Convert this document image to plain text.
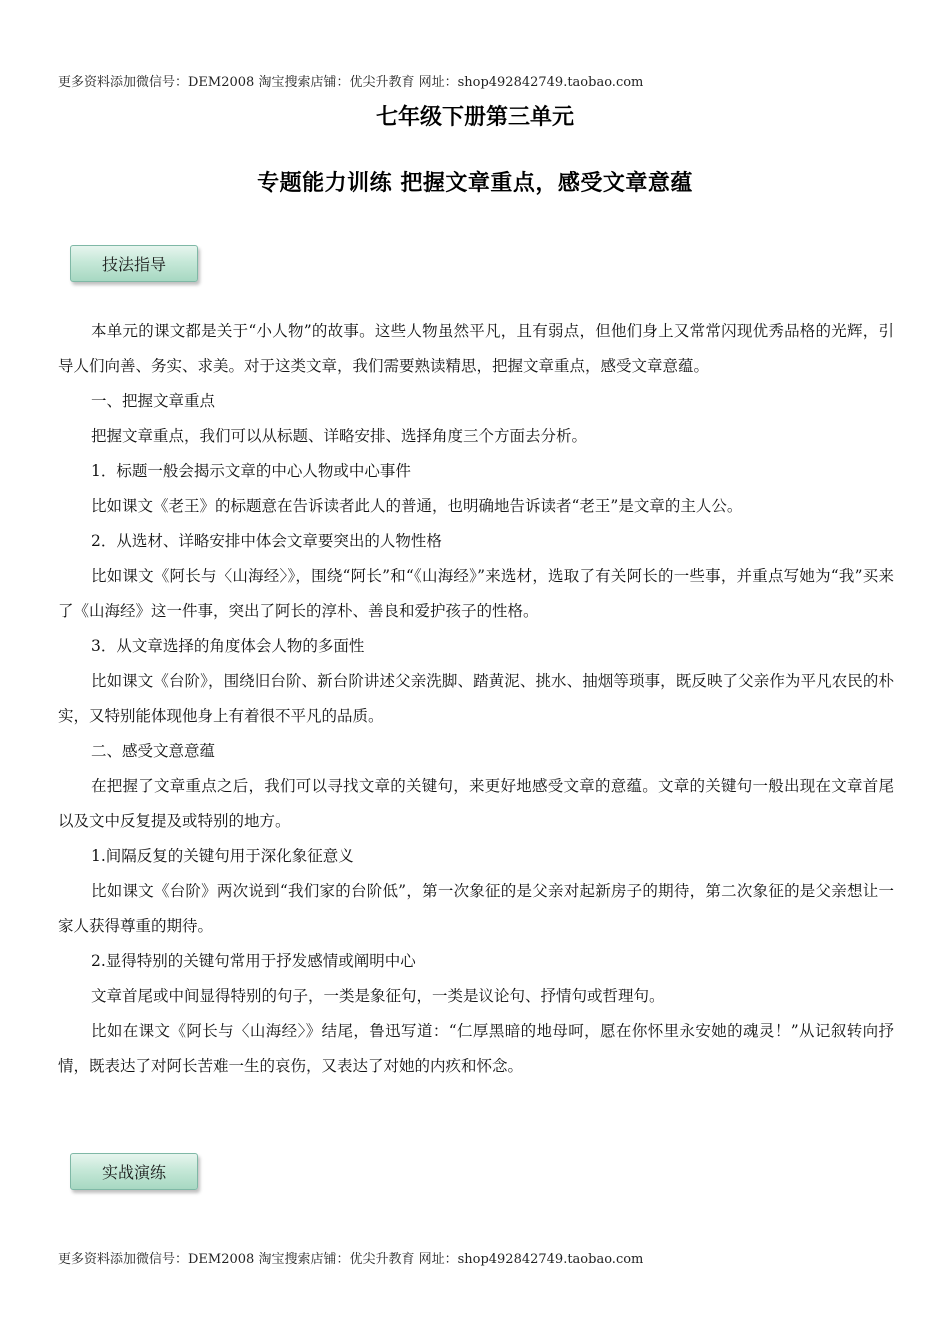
更多资料添加微信号：DEM2008 淘宝搜索店铺：优尖升教育 网址：shop492842749.taobao.com
七年级下册第三单元
专题能力训练 把握文章重点，感受文章意蕴
技法指导

本单元的课文都是关于“小人物”的故事。这些人物虽然平凡，且有弱点，但他们身上又常常闪现优秀品格的光辉，引导人们向善、务实、求美。对于这类文章，我们需要熟读精思，把握文章重点，感受文章意蕴。

一、把握文章重点

把握文章重点，我们可以从标题、详略安排、选择角度三个方面去分析。

1．标题一般会揭示文章的中心人物或中心事件

比如课文《老王》的标题意在告诉读者此人的普通，也明确地告诉读者“老王”是文章的主人公。

2．从选材、详略安排中体会文章要突出的人物性格

比如课文《阿长与〈山海经〉》，围绕“阿长”和“《山海经》”来选材，选取了有关阿长的一些事，并重点写她为“我”买来了《山海经》这一件事，突出了阿长的淳朴、善良和爱护孩子的性格。

3．从文章选择的角度体会人物的多面性

比如课文《台阶》，围绕旧台阶、新台阶讲述父亲洗脚、踏黄泥、挑水、抽烟等琐事，既反映了父亲作为平凡农民的朴实，又特别能体现他身上有着很不平凡的品质。

二、感受文意意蕴

在把握了文章重点之后，我们可以寻找文章的关键句，来更好地感受文章的意蕴。文章的关键句一般出现在文章首尾以及文中反复提及或特别的地方。

1.间隔反复的关键句用于深化象征意义

比如课文《台阶》两次说到“我们家的台阶低”，第一次象征的是父亲对起新房子的期待，第二次象征的是父亲想让一家人获得尊重的期待。

2.显得特别的关键句常用于抒发感情或阐明中心

文章首尾或中间显得特别的句子，一类是象征句，一类是议论句、抒情句或哲理句。

比如在课文《阿长与〈山海经〉》结尾，鲁迅写道：“仁厚黑暗的地母呵，愿在你怀里永安她的魂灵！”从记叙转向抒情，既表达了对阿长苦难一生的哀伤，又表达了对她的内疚和怀念。

实战演练
更多资料添加微信号：DEM2008 淘宝搜索店铺：优尖升教育 网址：shop492842749.taobao.com
